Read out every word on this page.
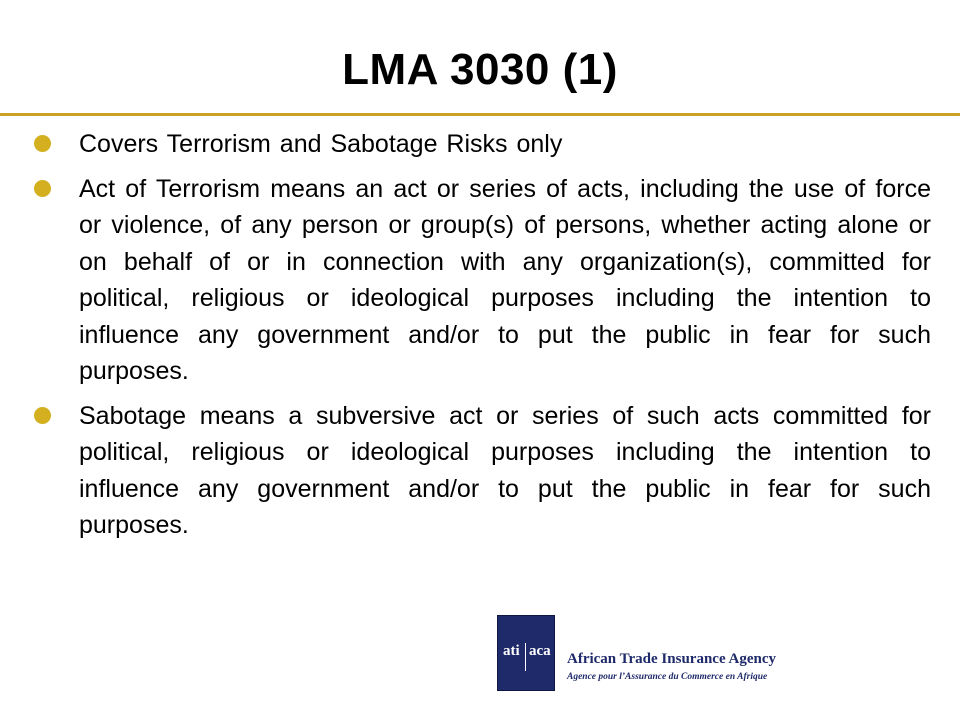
LMA 3030 (1)
Covers Terrorism and Sabotage Risks only
Act of Terrorism means an act or series of acts, including the use of force or violence, of any person or group(s) of persons, whether acting alone or on behalf of or in connection with any organization(s), committed for political, religious or ideological purposes including the intention to influence any government and/or to put the public in fear for such purposes.
Sabotage means a subversive act or series of such acts committed for political, religious or ideological purposes including the intention to influence any government and/or to put the public in fear for such purposes.
ati aca African Trade Insurance Agency
Agence pour l’Assurance du Commerce en Afrique
